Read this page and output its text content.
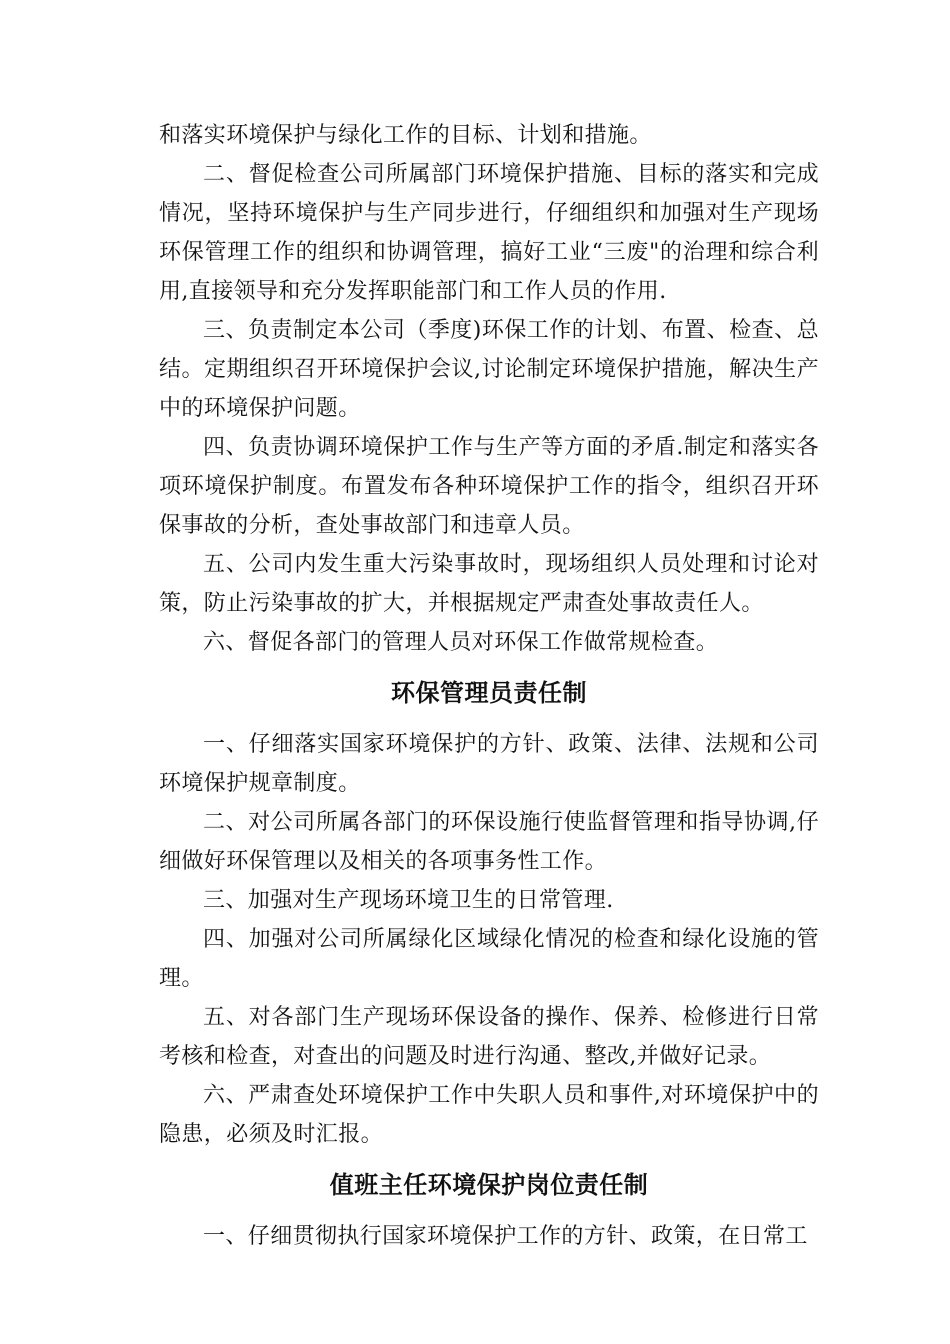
和落实环境保护与绿化工作的目标、计划和措施。

二、督促检查公司所属部门环境保护措施、目标的落实和完成情况，坚持环境保护与生产同步进行，仔细组织和加强对生产现场环保管理工作的组织和协调管理，搞好工业“三废"的治理和综合利用,直接领导和充分发挥职能部门和工作人员的作用.

三、负责制定本公司（季度)环保工作的计划、布置、检查、总结。定期组织召开环境保护会议,讨论制定环境保护措施，解决生产中的环境保护问题。

四、负责协调环境保护工作与生产等方面的矛盾.制定和落实各项环境保护制度。布置发布各种环境保护工作的指令，组织召开环保事故的分析，查处事故部门和违章人员。

五、公司内发生重大污染事故时，现场组织人员处理和讨论对策，防止污染事故的扩大，并根据规定严肃查处事故责任人。

六、督促各部门的管理人员对环保工作做常规检查。

环保管理员责任制

一、仔细落实国家环境保护的方针、政策、法律、法规和公司环境保护规章制度。

二、对公司所属各部门的环保设施行使监督管理和指导协调,仔细做好环保管理以及相关的各项事务性工作。

三、加强对生产现场环境卫生的日常管理.

四、加强对公司所属绿化区域绿化情况的检查和绿化设施的管理。

五、对各部门生产现场环保设备的操作、保养、检修进行日常考核和检查，对查出的问题及时进行沟通、整改,并做好记录。

六、严肃查处环境保护工作中失职人员和事件,对环境保护中的隐患，必须及时汇报。

值班主任环境保护岗位责任制

一、仔细贯彻执行国家环境保护工作的方针、政策，在日常工
